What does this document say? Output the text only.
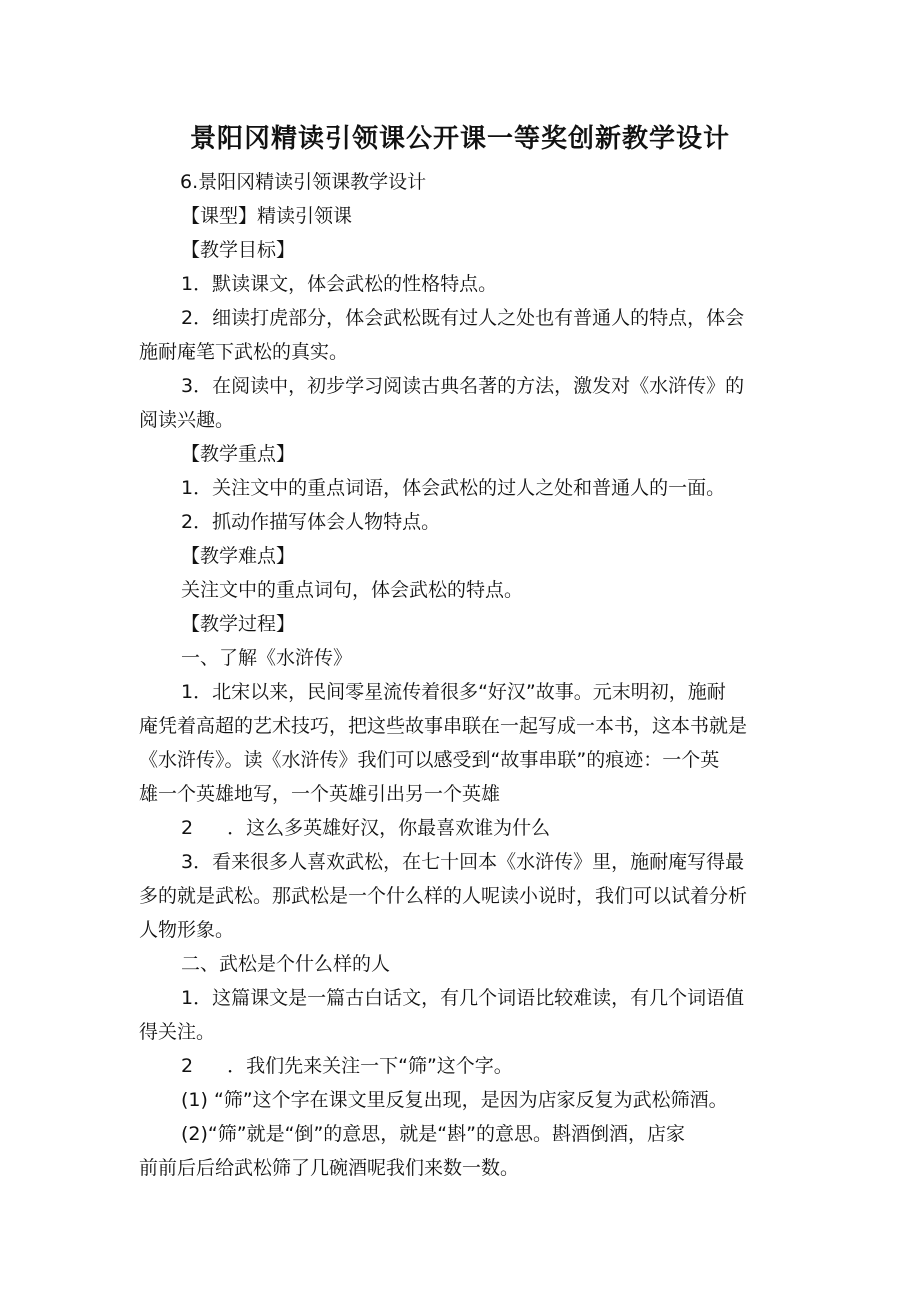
景阳冈精读引领课公开课一等奖创新教学设计
6.景阳冈精读引领课教学设计
【课型】精读引领课
【教学目标】
1．默读课文，体会武松的性格特点。
2．细读打虎部分，体会武松既有过人之处也有普通人的特点，体会
施耐庵笔下武松的真实。
3．在阅读中，初步学习阅读古典名著的方法，激发对《水浒传》的
阅读兴趣。
【教学重点】
1．关注文中的重点词语，体会武松的过人之处和普通人的一面。
2．抓动作描写体会人物特点。
【教学难点】
关注文中的重点词句，体会武松的特点。
【教学过程】
一、了解《水浒传》
1．北宋以来，民间零星流传着很多“好汉”故事。元末明初，施耐
庵凭着高超的艺术技巧，把这些故事串联在一起写成一本书，这本书就是
《水浒传》。读《水浒传》我们可以感受到“故事串联”的痕迹：一个英
雄一个英雄地写，一个英雄引出另一个英雄
2 ．这么多英雄好汉，你最喜欢谁为什么
3．看来很多人喜欢武松，在七十回本《水浒传》里，施耐庵写得最
多的就是武松。那武松是一个什么样的人呢读小说时，我们可以试着分析
人物形象。
二、武松是个什么样的人
1．这篇课文是一篇古白话文，有几个词语比较难读，有几个词语值
得关注。
2 ．我们先来关注一下“筛”这个字。
(1) “筛”这个字在课文里反复出现，是因为店家反复为武松筛酒。
(2)“筛”就是“倒”的意思，就是“斟”的意思。斟酒倒酒，店家
前前后后给武松筛了几碗酒呢我们来数一数。
